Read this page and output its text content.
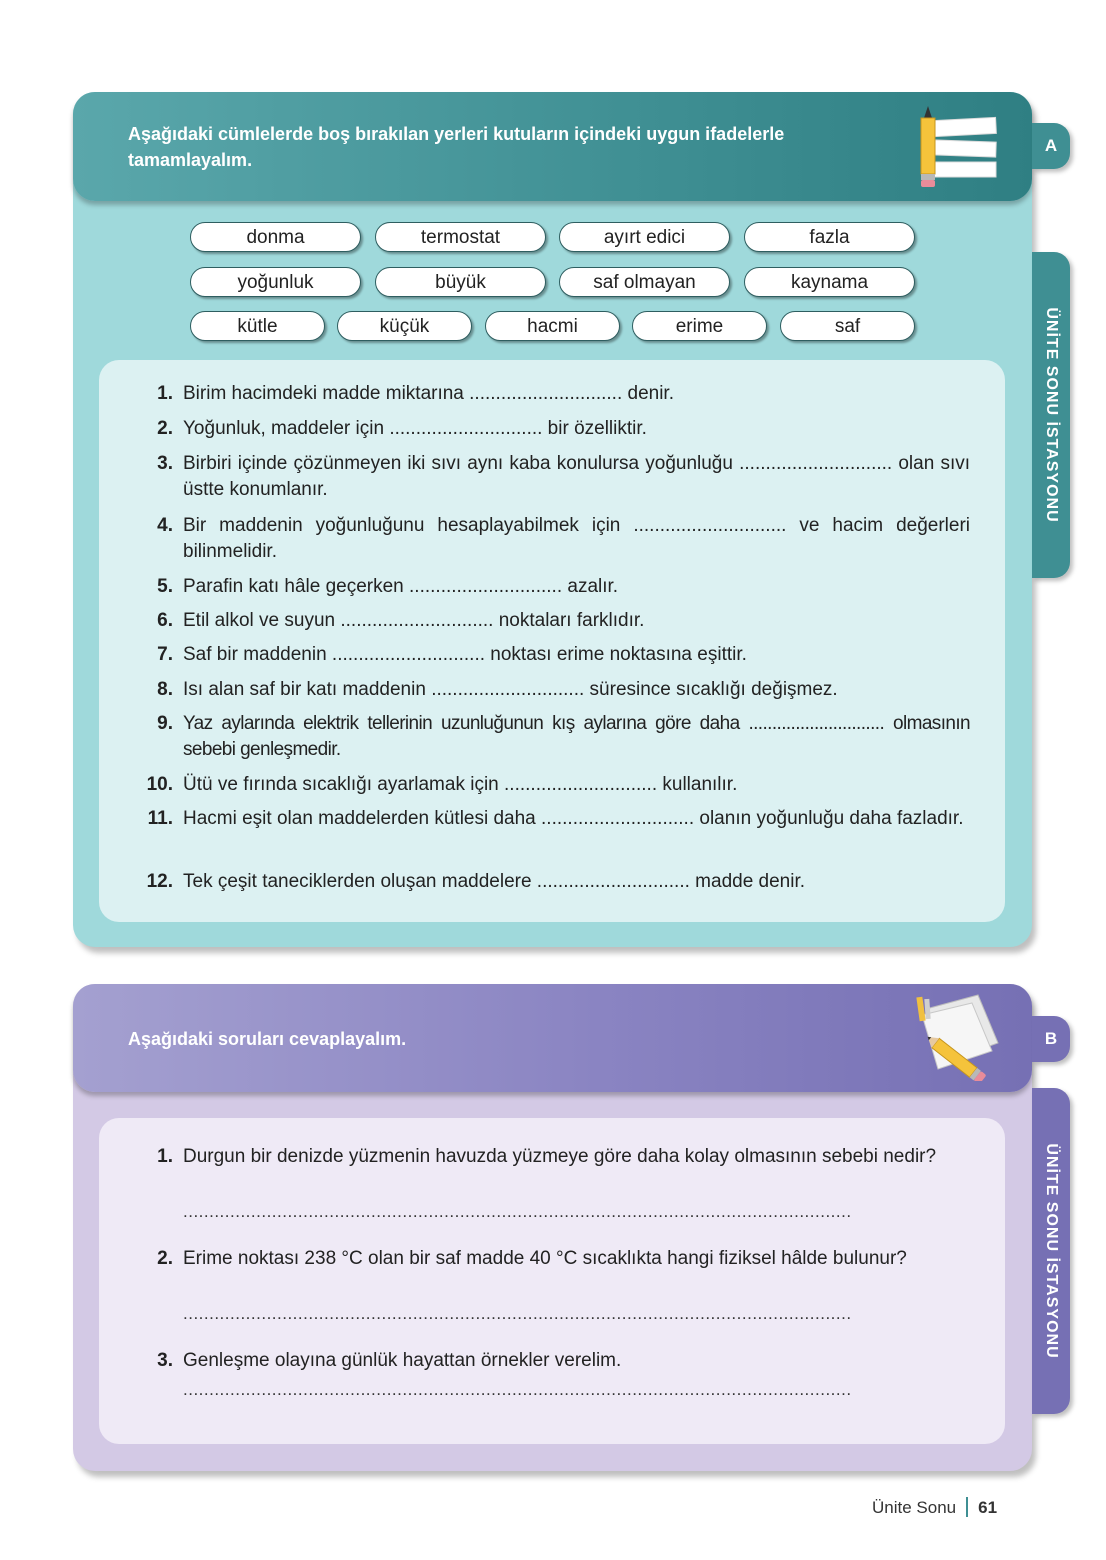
Aşağıdaki cümlelerde boş bırakılan yerleri kutuların içindeki uygun ifadelerle tamamlayalım.
donma	termostat	ayırt edici	fazla
yoğunluk	büyük	saf olmayan	kaynama
kütle	küçük	hacmi	erime	saf
1. Birim hacimdeki madde miktarına ............................. denir.
2. Yoğunluk, maddeler için ............................. bir özelliktir.
3. Birbiri içinde çözünmeyen iki sıvı aynı kaba konulursa yoğunluğu ............................. olan sıvı üstte konumlanır.
4. Bir maddenin yoğunluğunu hesaplayabilmek için ............................. ve hacim değerleri bilinmelidir.
5. Parafin katı hâle geçerken ............................. azalır.
6. Etil alkol ve suyun ............................. noktaları farklıdır.
7. Saf bir maddenin ............................. noktası erime noktasına eşittir.
8. Isı alan saf bir katı maddenin ............................. süresince sıcaklığı değişmez.
9. Yaz aylarında elektrik tellerinin uzunluğunun kış aylarına göre daha ............................. olmasının sebebi genleşmedir.
10. Ütü ve fırında sıcaklığı ayarlamak için ............................. kullanılır.
11. Hacmi eşit olan maddelerden kütlesi daha ............................. olanın yoğunluğu daha fazladır.
12. Tek çeşit taneciklerden oluşan maddelere ............................. madde denir.
A
ÜNİTE SONU İSTASYONU
Aşağıdaki soruları cevaplayalım.
1. Durgun bir denizde yüzmenin havuzda yüzmeye göre daha kolay olmasının sebebi nedir?
................................................................................................................................
2. Erime noktası 238 °C olan bir saf madde 40 °C sıcaklıkta hangi fiziksel hâlde bulunur?
................................................................................................................................
3. Genleşme olayına günlük hayattan örnekler verelim.
................................................................................................................................
B
ÜNİTE SONU İSTASYONU
Ünite Sonu 61
